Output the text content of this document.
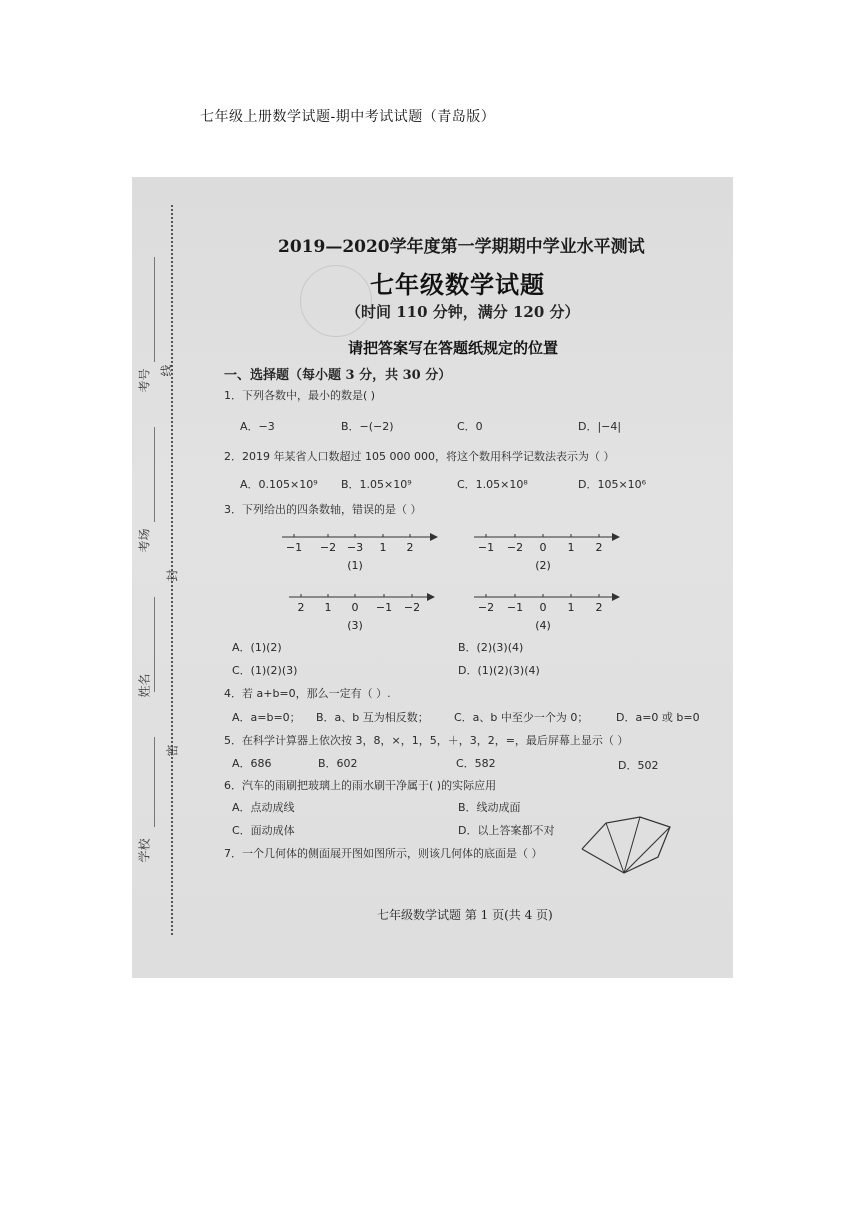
七年级上册数学试题-期中考试试题（青岛版）
考号 线
考场
封
姓名
密
学校
2019—2020学年度第一学期期中学业水平测试
七年级数学试题
（时间 110 分钟，满分 120 分）
请把答案写在答题纸规定的位置
一、选择题（每小题 3 分，共 30 分）
1．下列各数中，最小的数是( )
A．−3	B．−(−2)	C．0	D．|−4|
2．2019 年某省人口数超过 105 000 000，将这个数用科学记数法表示为（ ）
A．0.105×10⁹ B．1.05×10⁹	C．1.05×10⁸	D．105×10⁶
3．下列给出的四条数轴，错误的是（ ）
−1 −2 −3 1 2
(1)
−1 −2 0 1 2
(2)
2 1 0 −1 −2
(3)
−2 −1 0 1 2
(4)
A．(1)(2)	B．(2)(3)(4)
C．(1)(2)(3)	D．(1)(2)(3)(4)
4．若 a+b=0，那么一定有（ ）.
A．a=b=0； B．a、b 互为相反数； C．a、b 中至少一个为 0；	D．a=0 或 b=0
5．在科学计算器上依次按 3，8，×，1，5，＋，3，2，=，最后屏幕上显示（ ）
A．686	B．602	C．582	D．502
6．汽车的雨刷把玻璃上的雨水刷干净属于( )的实际应用
A．点动成线	B．线动成面
C．面动成体	D．以上答案都不对
7．一个几何体的侧面展开图如图所示，则该几何体的底面是（ ）
七年级数学试题 第 1 页(共 4 页)
